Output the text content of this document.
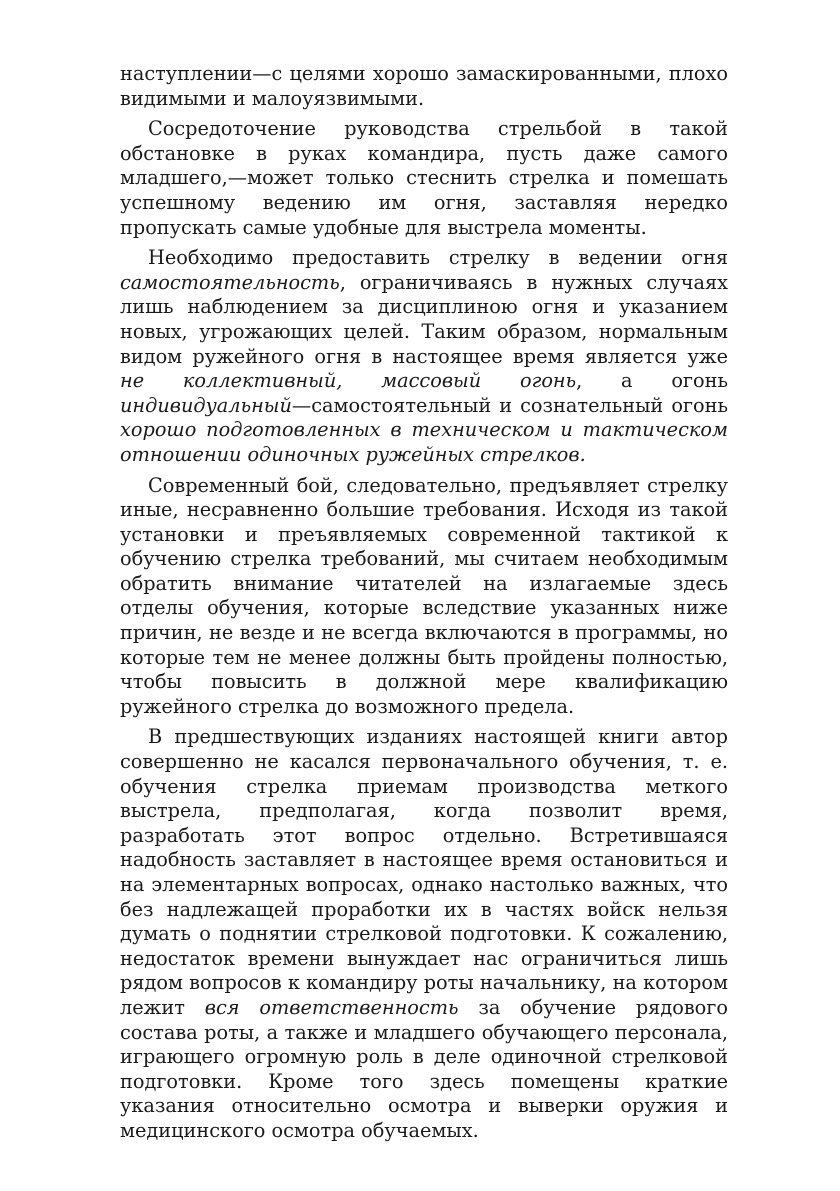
наступлении—с целями хорошо замаскированными, плохо видимыми и малоуязвимыми.

Сосредоточение руководства стрельбой в такой обстановке в руках командира, пусть даже самого младшего,—может только стеснить стрелка и помешать успешному ведению им огня, заставляя нередко пропускать самые удобные для выстрела моменты.

Необходимо предоставить стрелку в ведении огня самостоятельность, ограничиваясь в нужных случаях лишь наблюдением за дисциплиною огня и указанием новых, угрожающих целей. Таким образом, нормальным видом ружейного огня в настоящее время является уже не коллективный, массовый огонь, а огонь индивидуальный—самостоятельный и сознательный огонь хорошо подготовленных в техническом и тактическом отношении одиночных ружейных стрелков.

Современный бой, следовательно, предъявляет стрелку иные, несравненно большие требования. Исходя из такой установки и преъявляемых современной тактикой к обучению стрелка требований, мы считаем необходимым обратить внимание читателей на излагаемые здесь отделы обучения, которые вследствие указанных ниже причин, не везде и не всегда включаются в программы, но которые тем не менее должны быть пройдены полностью, чтобы повысить в должной мере квалификацию ружейного стрелка до возможного предела.

В предшествующих изданиях настоящей книги автор совершенно не касался первоначального обучения, т. е. обучения стрелка приемам производства меткого выстрела, предполагая, когда позволит время, разработать этот вопрос отдельно. Встретившаяся надобность заставляет в настоящее время остановиться и на элементарных вопросах, однако настолько важных, что без надлежащей проработки их в частях войск нельзя думать о поднятии стрелковой подготовки. К сожалению, недостаток времени вынуждает нас ограничиться лишь рядом вопросов к командиру роты начальнику, на котором лежит вся ответственность за обучение рядового состава роты, а также и младшего обучающего персонала, играющего огромную роль в деле одиночной стрелковой подготовки. Кроме того здесь помещены краткие указания относительно осмотра и выверки оружия и медицинского осмотра обучаемых.
